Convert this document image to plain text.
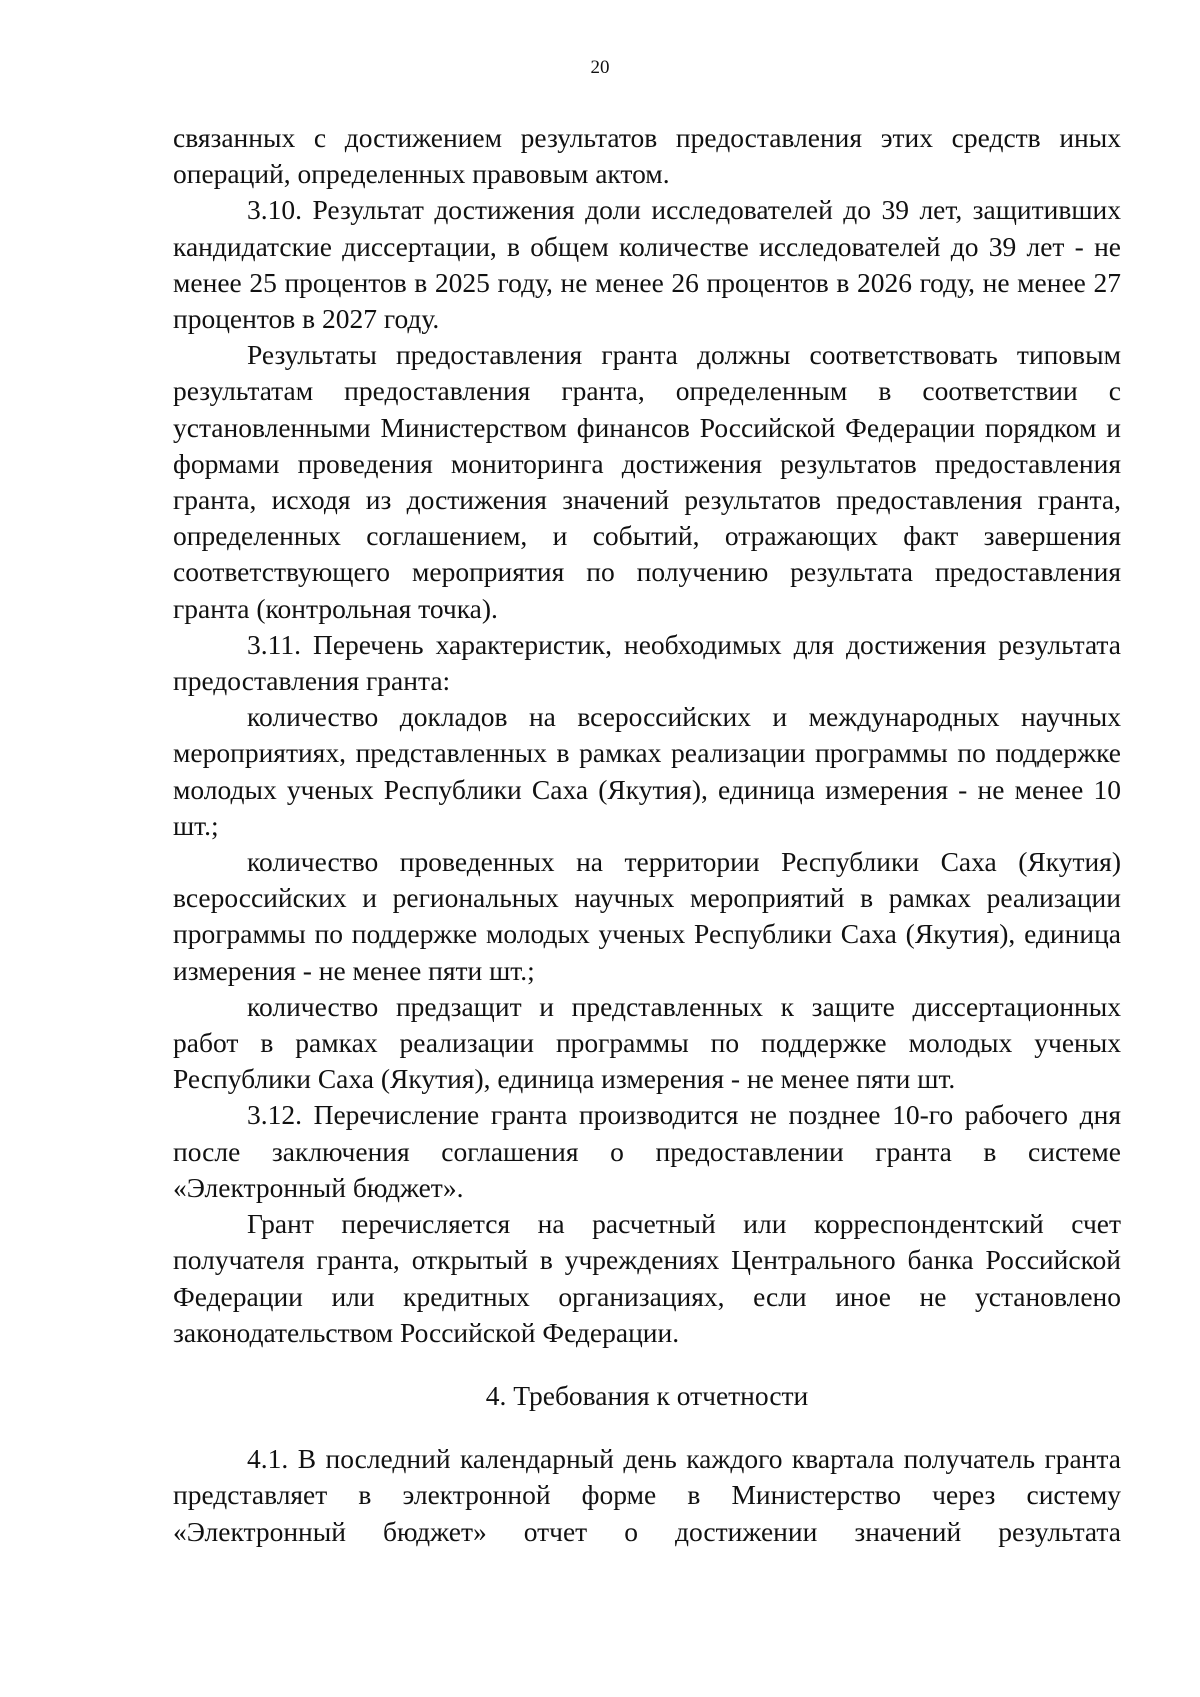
20

связанных с достижением результатов предоставления этих средств иных операций, определенных правовым актом.

3.10. Результат достижения доли исследователей до 39 лет, защитивших кандидатские диссертации, в общем количестве исследователей до 39 лет - не менее 25 процентов в 2025 году, не менее 26 процентов в 2026 году, не менее 27 процентов в 2027 году.

Результаты предоставления гранта должны соответствовать типовым результатам предоставления гранта, определенным в соответствии с установленными Министерством финансов Российской Федерации порядком и формами проведения мониторинга достижения результатов предоставления гранта, исходя из достижения значений результатов предоставления гранта, определенных соглашением, и событий, отражающих факт завершения соответствующего мероприятия по получению результата предоставления гранта (контрольная точка).

3.11. Перечень характеристик, необходимых для достижения результата предоставления гранта:

количество докладов на всероссийских и международных научных мероприятиях, представленных в рамках реализации программы по поддержке молодых ученых Республики Саха (Якутия), единица измерения - не менее 10 шт.;

количество проведенных на территории Республики Саха (Якутия) всероссийских и региональных научных мероприятий в рамках реализации программы по поддержке молодых ученых Республики Саха (Якутия), единица измерения - не менее пяти шт.;

количество предзащит и представленных к защите диссертационных работ в рамках реализации программы по поддержке молодых ученых Республики Саха (Якутия), единица измерения - не менее пяти шт.

3.12. Перечисление гранта производится не позднее 10-го рабочего дня после заключения соглашения о предоставлении гранта в системе «Электронный бюджет».

Грант перечисляется на расчетный или корреспондентский счет получателя гранта, открытый в учреждениях Центрального банка Российской Федерации или кредитных организациях, если иное не установлено законодательством Российской Федерации.

4. Требования к отчетности

4.1. В последний календарный день каждого квартала получатель гранта представляет в электронной форме в Министерство через систему «Электронный бюджет» отчет о достижении значений результата
